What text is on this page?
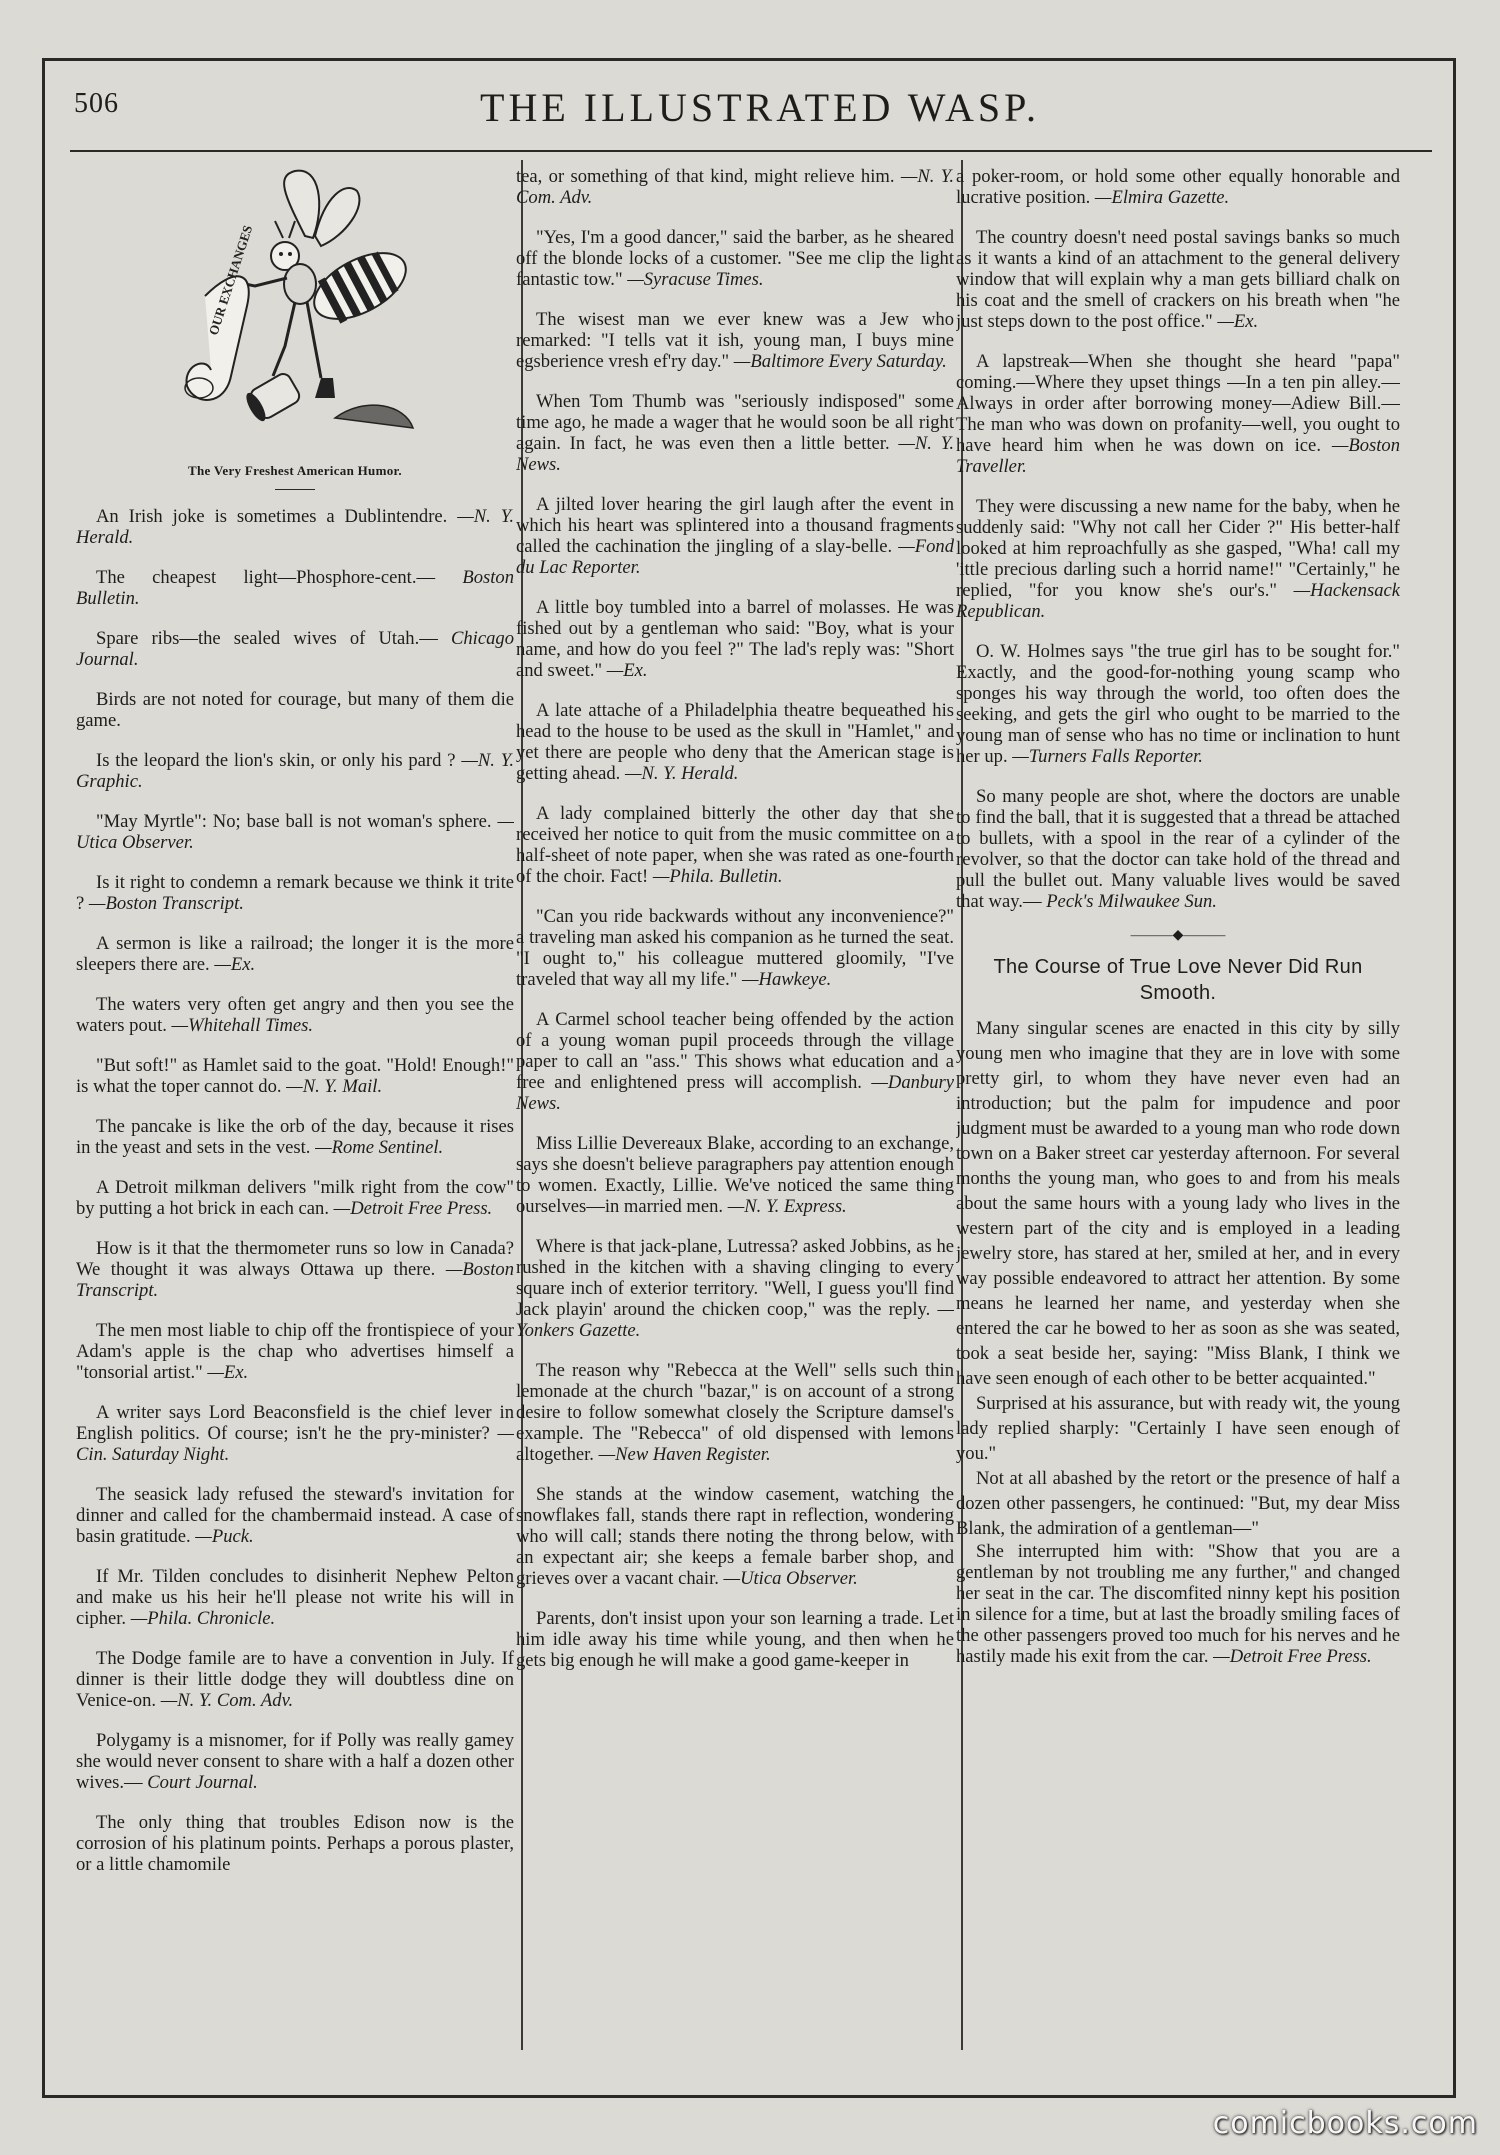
506	THE ILLUSTRATED WASP.
OUR EXCHANGES
The Very Freshest American Humor.

An Irish joke is sometimes a Dublintendre. —N. Y. Herald.

The cheapest light—Phosphore-cent.— Boston Bulletin.

Spare ribs—the sealed wives of Utah.— Chicago Journal.

Birds are not noted for courage, but many of them die game.

Is the leopard the lion's skin, or only his pard ? —N. Y. Graphic.

"May Myrtle": No; base ball is not woman's sphere. —Utica Observer.

Is it right to condemn a remark because we think it trite ? —Boston Transcript.

A sermon is like a railroad; the longer it is the more sleepers there are. —Ex.

The waters very often get angry and then you see the waters pout. —Whitehall Times.

"But soft!" as Hamlet said to the goat. "Hold! Enough!" is what the toper cannot do. —N. Y. Mail.

The pancake is like the orb of the day, because it rises in the yeast and sets in the vest. —Rome Sentinel.

A Detroit milkman delivers "milk right from the cow" by putting a hot brick in each can. —Detroit Free Press.

How is it that the thermometer runs so low in Canada? We thought it was always Ottawa up there. —Boston Transcript.

The men most liable to chip off the frontispiece of your Adam's apple is the chap who advertises himself a "tonsorial artist." —Ex.

A writer says Lord Beaconsfield is the chief lever in English politics. Of course; isn't he the pry-minister? —Cin. Saturday Night.

The seasick lady refused the steward's invitation for dinner and called for the chambermaid instead. A case of basin gratitude. —Puck.

If Mr. Tilden concludes to disinherit Nephew Pelton and make us his heir he'll please not write his will in cipher. —Phila. Chronicle.

The Dodge famile are to have a convention in July. If dinner is their little dodge they will doubtless dine on Venice-on. —N. Y. Com. Adv.

Polygamy is a misnomer, for if Polly was really gamey she would never consent to share with a half a dozen other wives.— Court Journal.

The only thing that troubles Edison now is the corrosion of his platinum points. Perhaps a porous plaster, or a little chamomile

tea, or something of that kind, might relieve him. —N. Y. Com. Adv.

"Yes, I'm a good dancer," said the barber, as he sheared off the blonde locks of a customer. "See me clip the light fantastic tow." —Syracuse Times.

The wisest man we ever knew was a Jew who remarked: "I tells vat it ish, young man, I buys mine egsberience vresh ef'ry day." —Baltimore Every Saturday.

When Tom Thumb was "seriously indisposed" some time ago, he made a wager that he would soon be all right again. In fact, he was even then a little better. —N. Y. News.

A jilted lover hearing the girl laugh after the event in which his heart was splintered into a thousand fragments called the cachination the jingling of a slay-belle. —Fond du Lac Reporter.

A little boy tumbled into a barrel of molasses. He was fished out by a gentleman who said: "Boy, what is your name, and how do you feel ?" The lad's reply was: "Short and sweet." —Ex.

A late attache of a Philadelphia theatre bequeathed his head to the house to be used as the skull in "Hamlet," and yet there are people who deny that the American stage is getting ahead. —N. Y. Herald.

A lady complained bitterly the other day that she received her notice to quit from the music committee on a half-sheet of note paper, when she was rated as one-fourth of the choir. Fact! —Phila. Bulletin.

"Can you ride backwards without any inconvenience?" a traveling man asked his companion as he turned the seat. "I ought to," his colleague muttered gloomily, "I've traveled that way all my life." —Hawkeye.

A Carmel school teacher being offended by the action of a young woman pupil proceeds through the village paper to call an "ass." This shows what education and a free and enlightened press will accomplish. —Danbury News.

Miss Lillie Devereaux Blake, according to an exchange, says she doesn't believe paragraphers pay attention enough to women. Exactly, Lillie. We've noticed the same thing ourselves—in married men. —N. Y. Express.

Where is that jack-plane, Lutressa? asked Jobbins, as he rushed in the kitchen with a shaving clinging to every square inch of exterior territory. "Well, I guess you'll find Jack playin' around the chicken coop," was the reply. —Yonkers Gazette.

The reason why "Rebecca at the Well" sells such thin lemonade at the church "bazar," is on account of a strong desire to follow somewhat closely the Scripture damsel's example. The "Rebecca" of old dispensed with lemons altogether. —New Haven Register.

She stands at the window casement, watching the snowflakes fall, stands there rapt in reflection, wondering who will call; stands there noting the throng below, with an expectant air; she keeps a female barber shop, and grieves over a vacant chair. —Utica Observer.

Parents, don't insist upon your son learning a trade. Let him idle away his time while young, and then when he gets big enough he will make a good game-keeper in

a poker-room, or hold some other equally honorable and lucrative position. —Elmira Gazette.

The country doesn't need postal savings banks so much as it wants a kind of an attachment to the general delivery window that will explain why a man gets billiard chalk on his coat and the smell of crackers on his breath when "he just steps down to the post office." —Ex.

A lapstreak—When she thought she heard "papa" coming.—Where they upset things —In a ten pin alley.—Always in order after borrowing money—Adiew Bill.—The man who was down on profanity—well, you ought to have heard him when he was down on ice. —Boston Traveller.

They were discussing a new name for the baby, when he suddenly said: "Why not call her Cider ?" His better-half looked at him reproachfully as she gasped, "Wha! call my 'ittle precious darling such a horrid name!" "Certainly," he replied, "for you know she's our's." —Hackensack Republican.

O. W. Holmes says "the true girl has to be sought for." Exactly, and the good-for-nothing young scamp who sponges his way through the world, too often does the seeking, and gets the girl who ought to be married to the young man of sense who has no time or inclination to hunt her up. —Turners Falls Reporter.

So many people are shot, where the doctors are unable to find the ball, that it is suggested that a thread be attached to bullets, with a spool in the rear of a cylinder of the revolver, so that the doctor can take hold of the thread and pull the bullet out. Many valuable lives would be saved that way.— Peck's Milwaukee Sun.

———◆———
The Course of True Love Never Did Run Smooth.

Many singular scenes are enacted in this city by silly young men who imagine that they are in love with some pretty girl, to whom they have never even had an introduction; but the palm for impudence and poor judgment must be awarded to a young man who rode down town on a Baker street car yesterday afternoon. For several months the young man, who goes to and from his meals about the same hours with a young lady who lives in the western part of the city and is employed in a leading jewelry store, has stared at her, smiled at her, and in every way possible endeavored to attract her attention. By some means he learned her name, and yesterday when she entered the car he bowed to her as soon as she was seated, took a seat beside her, saying: "Miss Blank, I think we have seen enough of each other to be better acquainted."

Surprised at his assurance, but with ready wit, the young lady replied sharply: "Certainly I have seen enough of you."

Not at all abashed by the retort or the presence of half a dozen other passengers, he continued: "But, my dear Miss Blank, the admiration of a gentleman—"

She interrupted him with: "Show that you are a gentleman by not troubling me any further," and changed her seat in the car. The discomfited ninny kept his position in silence for a time, but at last the broadly smiling faces of the other passengers proved too much for his nerves and he hastily made his exit from the car. —Detroit Free Press.

comicbooks.com
